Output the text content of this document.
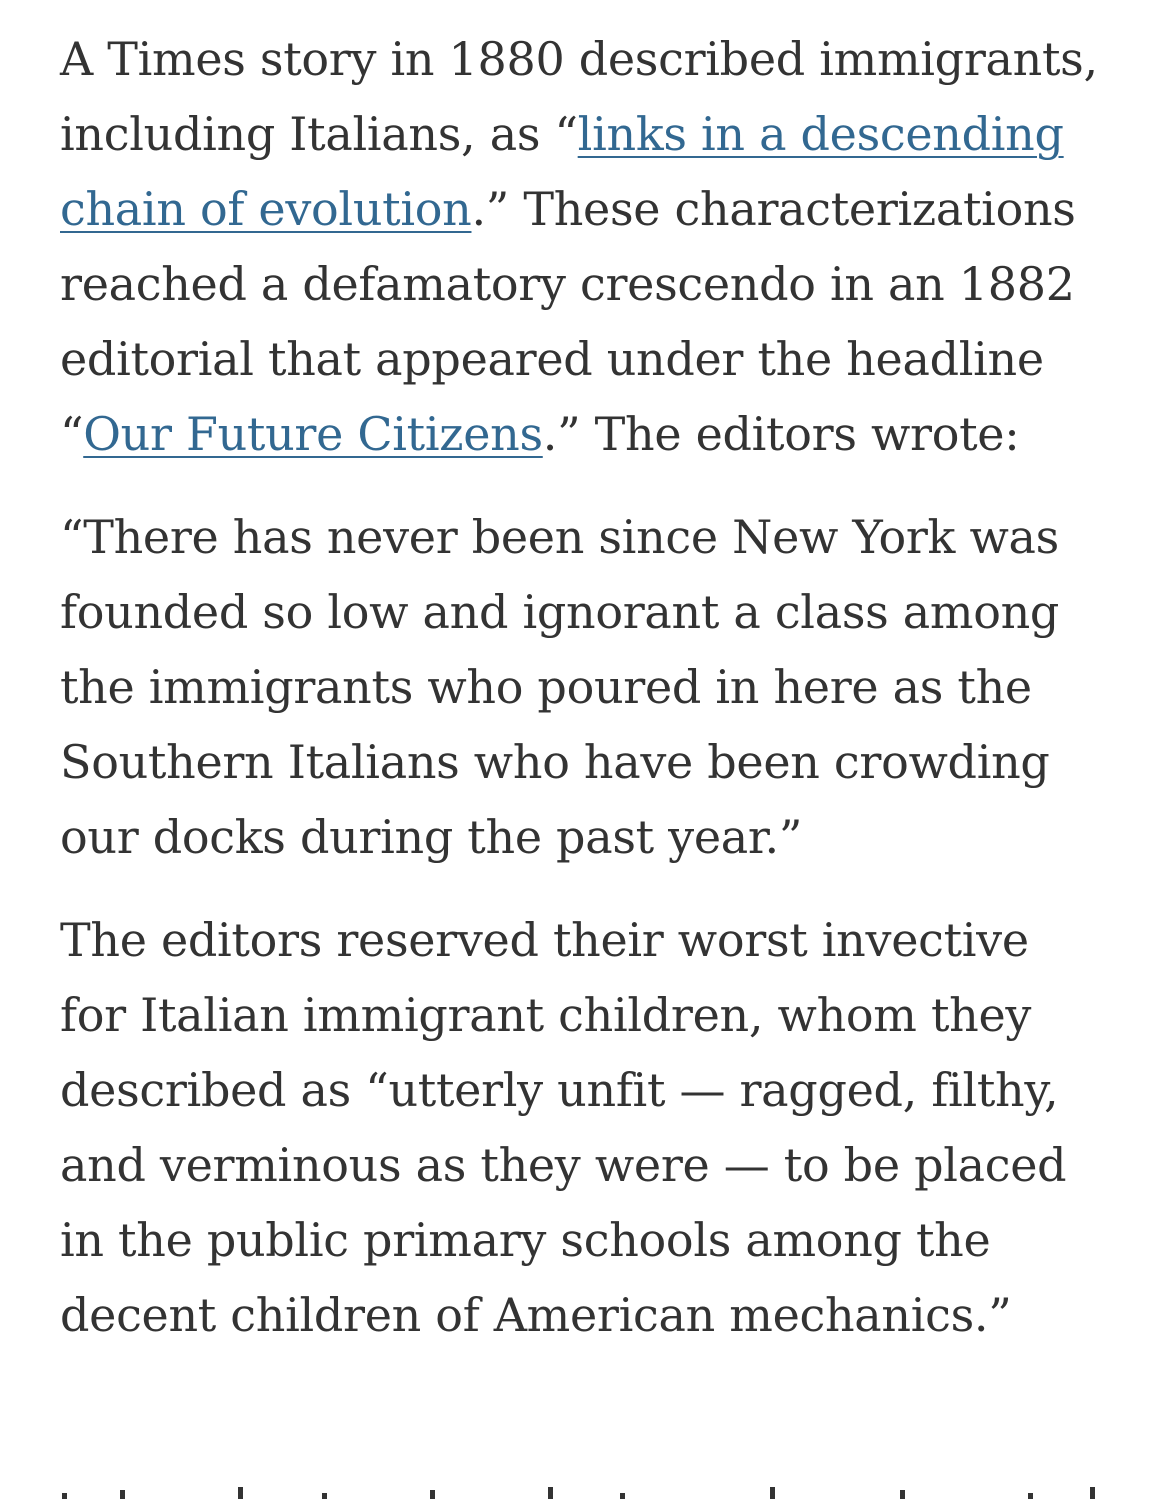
A Times story in 1880 described immigrants, including Italians, as “links in a descending chain of evolution.” These characterizations reached a defamatory crescendo in an 1882 editorial that appeared under the headline “Our Future Citizens.” The editors wrote:

“There has never been since New York was founded so low and ignorant a class among the immigrants who poured in here as the Southern Italians who have been crowding our docks during the past year.”

The editors reserved their worst invective for Italian immigrant children, whom they described as “utterly unfit — ragged, filthy, and verminous as they were — to be placed in the public primary schools among the decent children of American mechanics.”
